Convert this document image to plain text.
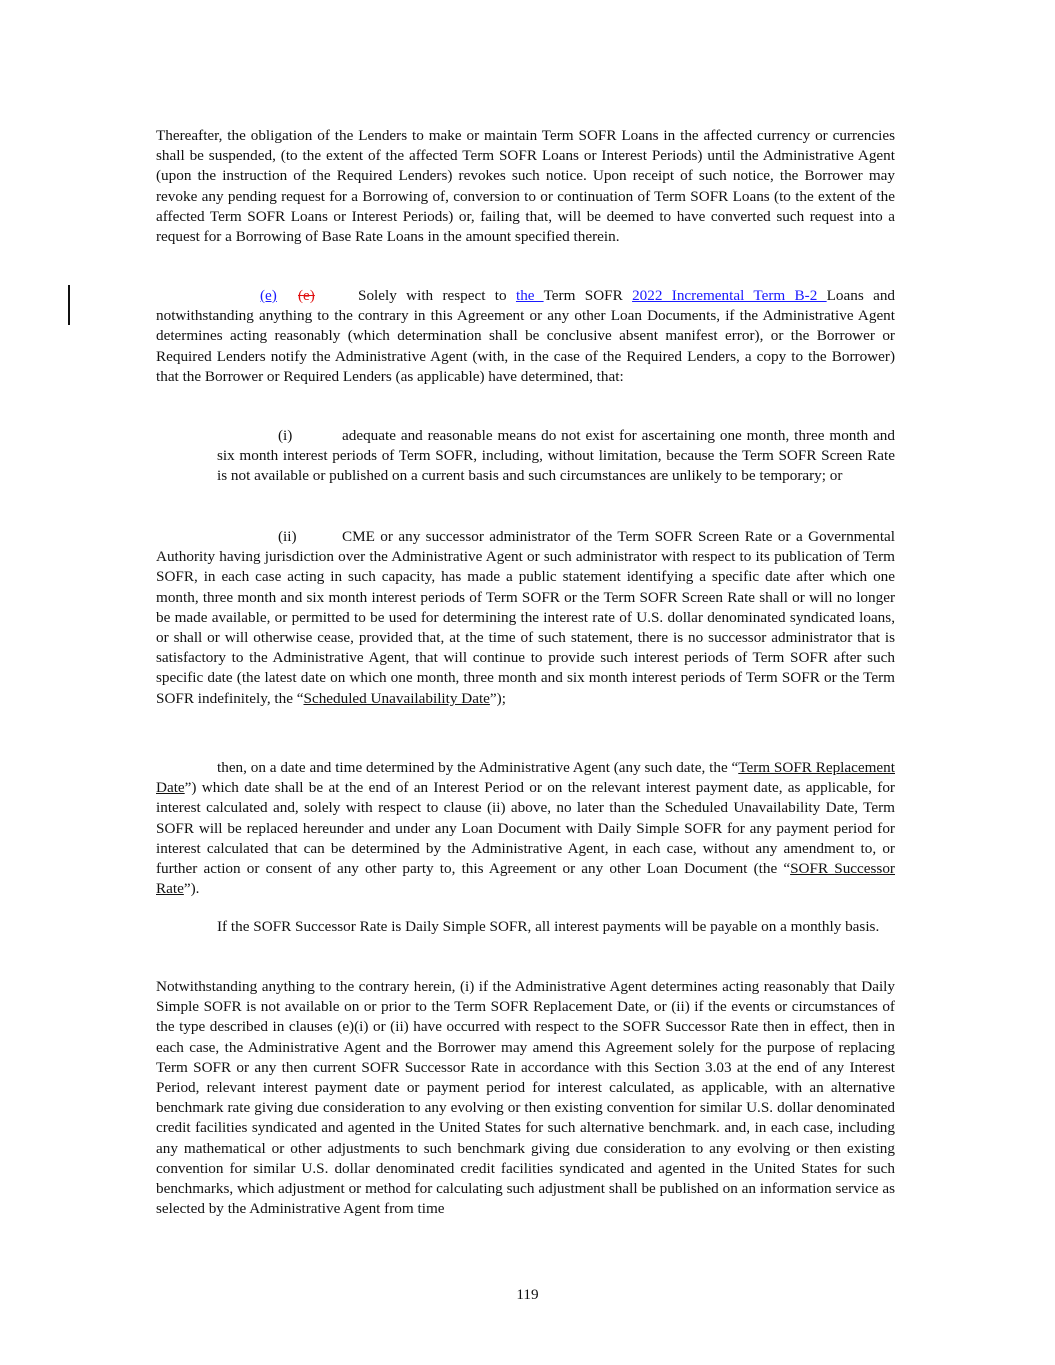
Thereafter, the obligation of the Lenders to make or maintain Term SOFR Loans in the affected currency or currencies shall be suspended, (to the extent of the affected Term SOFR Loans or Interest Periods) until the Administrative Agent (upon the instruction of the Required Lenders) revokes such notice. Upon receipt of such notice, the Borrower may revoke any pending request for a Borrowing of, conversion to or continuation of Term SOFR Loans (to the extent of the affected Term SOFR Loans or Interest Periods) or, failing that, will be deemed to have converted such request into a request for a Borrowing of Base Rate Loans in the amount specified therein.

(e) (e)	Solely with respect to the Term SOFR 2022 Incremental Term B-2 Loans and notwithstanding anything to the contrary in this Agreement or any other Loan Documents, if the Administrative Agent determines acting reasonably (which determination shall be conclusive absent manifest error), or the Borrower or Required Lenders notify the Administrative Agent (with, in the case of the Required Lenders, a copy to the Borrower) that the Borrower or Required Lenders (as applicable) have determined, that:

(i)	adequate and reasonable means do not exist for ascertaining one month, three month and six month interest periods of Term SOFR, including, without limitation, because the Term SOFR Screen Rate is not available or published on a current basis and such circumstances are unlikely to be temporary; or

(ii)	CME or any successor administrator of the Term SOFR Screen Rate or a Governmental Authority having jurisdiction over the Administrative Agent or such administrator with respect to its publication of Term SOFR, in each case acting in such capacity, has made a public statement identifying a specific date after which one month, three month and six month interest periods of Term SOFR or the Term SOFR Screen Rate shall or will no longer be made available, or permitted to be used for determining the interest rate of U.S. dollar denominated syndicated loans, or shall or will otherwise cease, provided that, at the time of such statement, there is no successor administrator that is satisfactory to the Administrative Agent, that will continue to provide such interest periods of Term SOFR after such specific date (the latest date on which one month, three month and six month interest periods of Term SOFR or the Term SOFR indefinitely, the “Scheduled Unavailability Date”);

then, on a date and time determined by the Administrative Agent (any such date, the “Term SOFR Replacement Date”) which date shall be at the end of an Interest Period or on the relevant interest payment date, as applicable, for interest calculated and, solely with respect to clause (ii) above, no later than the Scheduled Unavailability Date, Term SOFR will be replaced hereunder and under any Loan Document with Daily Simple SOFR for any payment period for interest calculated that can be determined by the Administrative Agent, in each case, without any amendment to, or further action or consent of any other party to, this Agreement or any other Loan Document (the “SOFR Successor Rate”).

If the SOFR Successor Rate is Daily Simple SOFR, all interest payments will be payable on a monthly basis.

Notwithstanding anything to the contrary herein, (i) if the Administrative Agent determines acting reasonably that Daily Simple SOFR is not available on or prior to the Term SOFR Replacement Date, or (ii) if the events or circumstances of the type described in clauses (e)(i) or (ii) have occurred with respect to the SOFR Successor Rate then in effect, then in each case, the Administrative Agent and the Borrower may amend this Agreement solely for the purpose of replacing Term SOFR or any then current SOFR Successor Rate in accordance with this Section 3.03 at the end of any Interest Period, relevant interest payment date or payment period for interest calculated, as applicable, with an alternative benchmark rate giving due consideration to any evolving or then existing convention for similar U.S. dollar denominated credit facilities syndicated and agented in the United States for such alternative benchmark. and, in each case, including any mathematical or other adjustments to such benchmark giving due consideration to any evolving or then existing convention for similar U.S. dollar denominated credit facilities syndicated and agented in the United States for such benchmarks, which adjustment or method for calculating such adjustment shall be published on an information service as selected by the Administrative Agent from time

119
